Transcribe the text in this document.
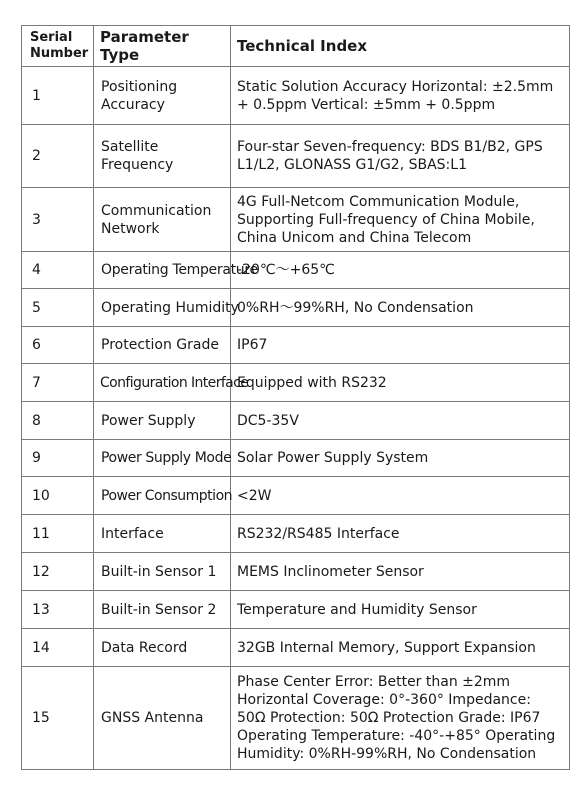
Serial Number	Parameter Type	Technical Index
1	Positioning Accuracy	Static Solution Accuracy Horizontal: ±2.5mm + 0.5ppm Vertical: ±5mm + 0.5ppm
2	Satellite Frequency	Four-star Seven-frequency: BDS B1/B2, GPS L1/L2, GLONASS G1/G2, SBAS:L1
3	Communication Network	4G Full-Netcom Communication Module, Supporting Full-frequency of China Mobile, China Unicom and China Telecom
4	Operating Temperature	-20℃～+65℃
5	Operating Humidity	0%RH～99%RH, No Condensation
6	Protection Grade	IP67
7	Configuration Interface	Equipped with RS232
8	Power Supply	DC5-35V
9	Power Supply Mode	Solar Power Supply System
10	Power Consumption	<2W
11	Interface	RS232/RS485 Interface
12	Built-in Sensor 1	MEMS Inclinometer Sensor
13	Built-in Sensor 2	Temperature and Humidity Sensor
14	Data Record	32GB Internal Memory, Support Expansion
15	GNSS Antenna	Phase Center Error: Better than ±2mm Horizontal Coverage: 0°-360° Impedance: 50Ω Protection: 50Ω Protection Grade: IP67 Operating Temperature: -40°-+85° Operating Humidity: 0%RH-99%RH, No Condensation
